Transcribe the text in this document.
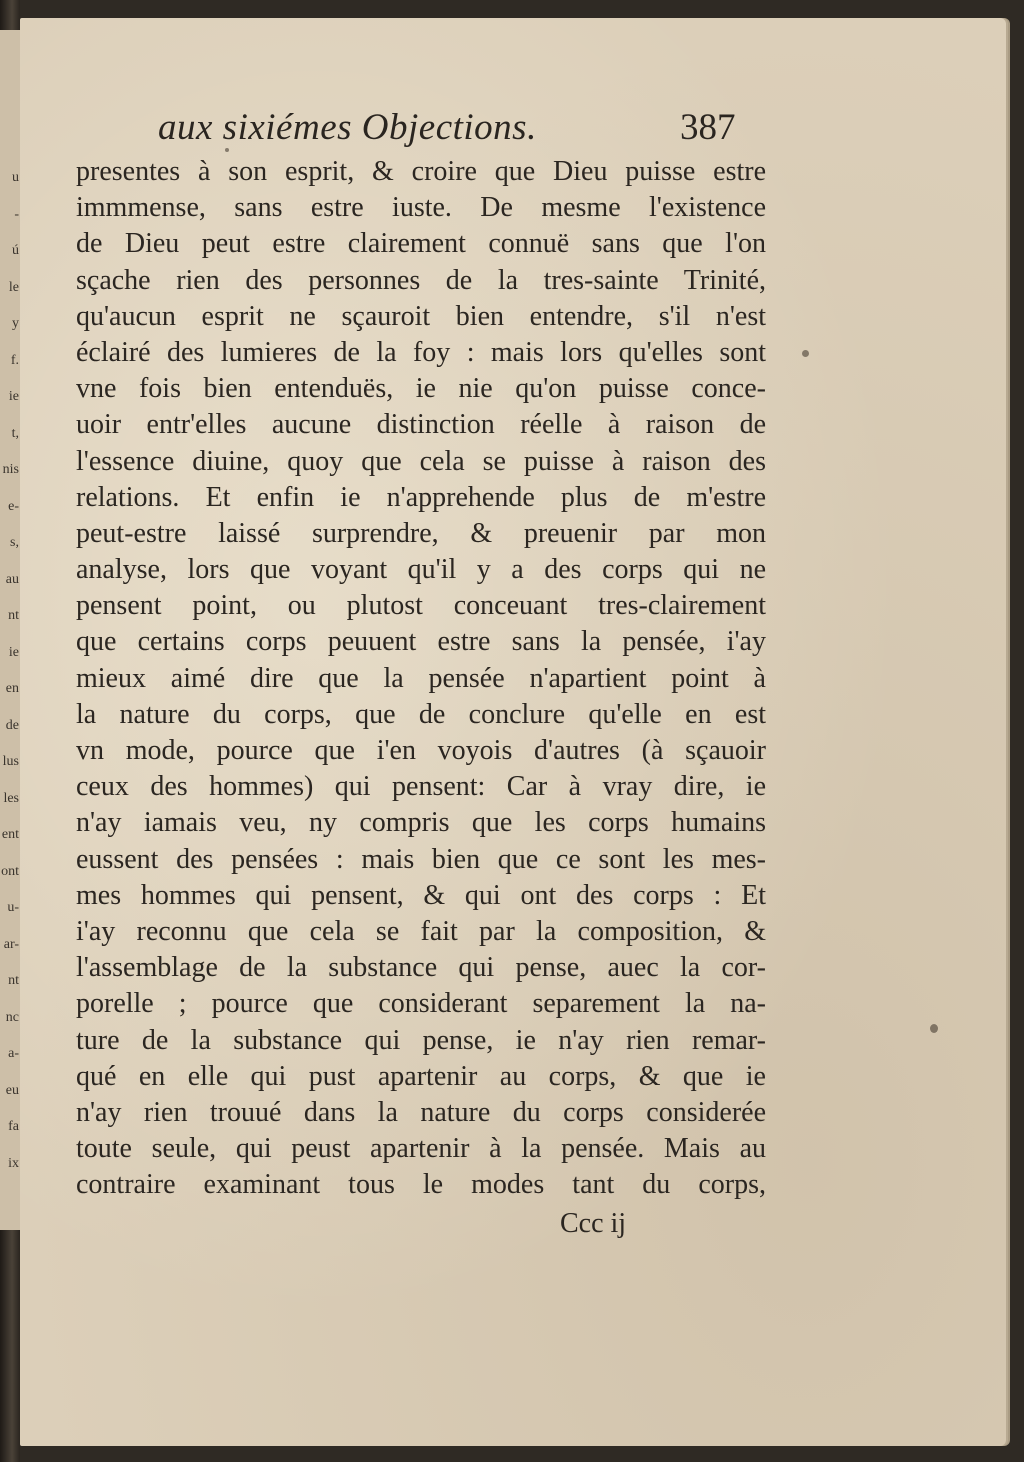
u
-
ú
le
y
f.
ie
t,
nis
e-
s,
au
nt
ie
en
de
lus
les
ent
ont
u-
ar-
nt
nc
a-
eu
fa
ix
aux sixiémes Objections.	387
presentes à son esprit, & croire que Dieu puisse estre
immmense, sans estre iuste. De mesme l'existence
de Dieu peut estre clairement connuë sans que l'on
sçache rien des personnes de la tres-sainte Trinité,
qu'aucun esprit ne sçauroit bien entendre, s'il n'est
éclairé des lumieres de la foy : mais lors qu'elles sont
vne fois bien entenduës, ie nie qu'on puisse conce-
uoir entr'elles aucune distinction réelle à raison de
l'essence diuine, quoy que cela se puisse à raison des
relations. Et enfin ie n'apprehende plus de m'estre
peut-estre laissé surprendre, & preuenir par mon
analyse, lors que voyant qu'il y a des corps qui ne
pensent point, ou plutost conceuant tres-clairement
que certains corps peuuent estre sans la pensée, i'ay
mieux aimé dire que la pensée n'apartient point à
la nature du corps, que de conclure qu'elle en est
vn mode, pource que i'en voyois d'autres (à sçauoir
ceux des hommes) qui pensent: Car à vray dire, ie
n'ay iamais veu, ny compris que les corps humains
eussent des pensées : mais bien que ce sont les mes-
mes hommes qui pensent, & qui ont des corps : Et
i'ay reconnu que cela se fait par la composition, &
l'assemblage de la substance qui pense, auec la cor-
porelle ; pource que considerant separement la na-
ture de la substance qui pense, ie n'ay rien remar-
qué en elle qui pust apartenir au corps, & que ie
n'ay rien trouué dans la nature du corps considerée
toute seule, qui peust apartenir à la pensée. Mais au
contraire examinant tous le modes tant du corps,
Ccc ij
